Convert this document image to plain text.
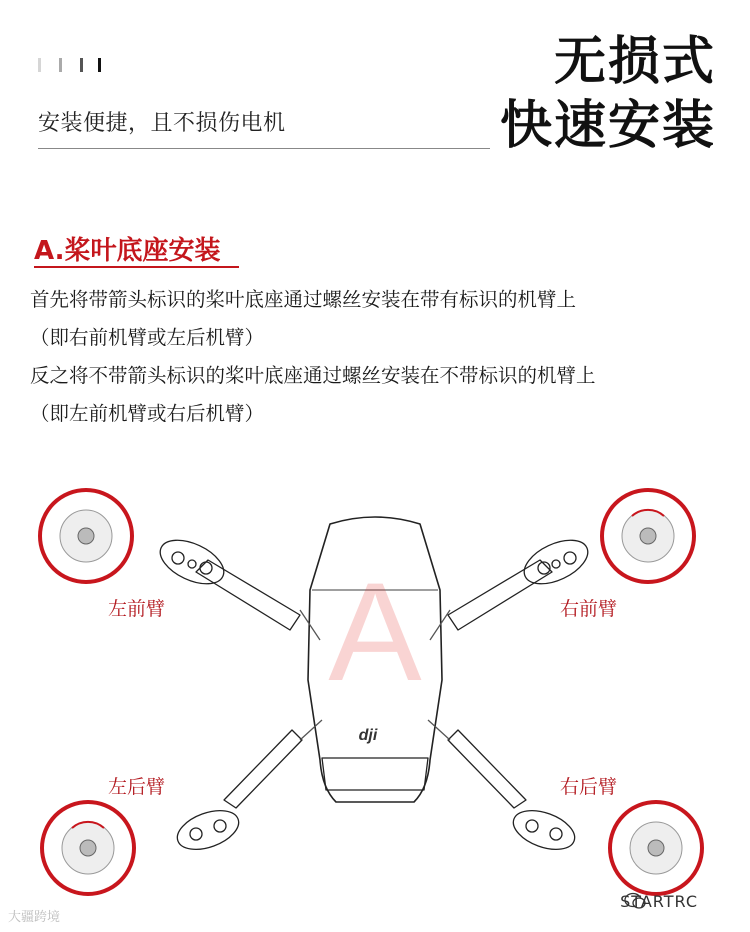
安装便捷，且不损伤电机
无损式
快速安装
A.桨叶底座安装
首先将带箭头标识的桨叶底座通过螺丝安装在带有标识的机臂上
（即右前机臂或左后机臂）
反之将不带箭头标识的桨叶底座通过螺丝安装在不带标识的机臂上
（即左前机臂或右后机臂）
A
dji
左前臂	右前臂
左后臂	右后臂
大疆跨境
STARTRC
